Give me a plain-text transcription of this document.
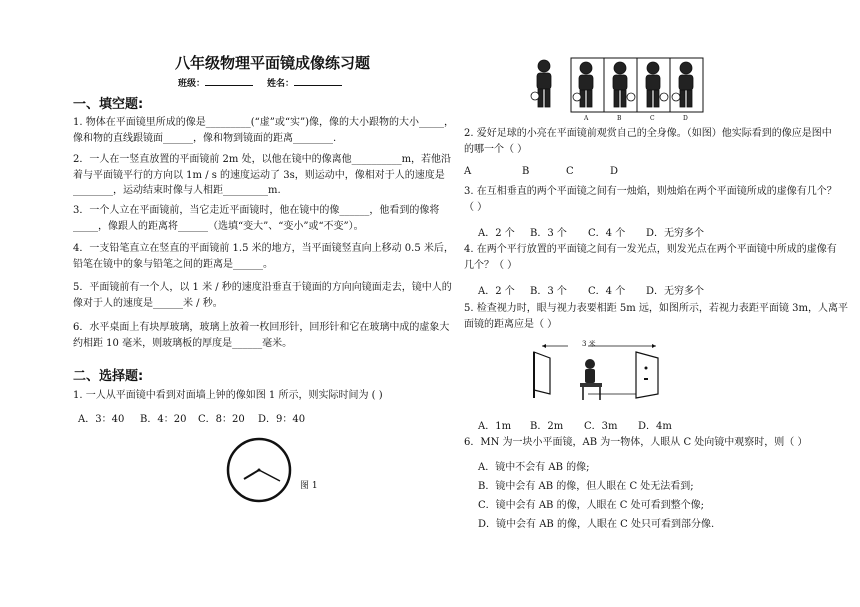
八年级物理平面镜成像练习题
班级：	姓名：
一、填空题:
1. 物体在平面镜里所成的像是_________(“虚”或“实”)像，像的大小跟物的大小_____，
像和物的直线跟镜面______，像和物到镜面的距离________.
2．一人在一竖直放置的平面镜前 2m 处，以他在镜中的像离他__________m，若他沿
着与平面镜平行的方向以 1m / s 的速度运动了 3s，则运动中，像相对于人的速度是
________，运动结束时像与人相距_________m.
3．一个人立在平面镜前，当它走近平面镜时，他在镜中的像______，他看到的像将
_____，像跟人的距离将______（选填“变大”、“变小”或“不变”）。
4．一支铅笔直立在竖直的平面镜前 1.5 米的地方，当平面镜竖直向上移动 0.5 米后，
铅笔在镜中的象与铅笔之间的距离是______。
5．平面镜前有一个人，以 1 米 / 秒的速度沿垂直于镜面的方向向镜面走去，镜中人的
像对于人的速度是______米 / 秒。
6．水平桌面上有块厚玻璃，玻璃上放着一枚回形针，回形针和它在玻璃中成的虚象大
约相距 10 毫米，则玻璃板的厚度是______毫米。
二、选择题:
1. 一人从平面镜中看到对面墙上钟的像如图 1 所示，则实际时间为 ( )
A．3：40 B．4：20 C．8：20 D．9：40
图 1
A	B	C	D
2. 爱好足球的小亮在平面镜前观赏自己的全身像。（如图）他实际看到的像应是图中
的哪一个（ ）
A	B	C	D
3. 在互相垂直的两个平面镜之间有一烛焰，则烛焰在两个平面镜所成的虚像有几个？
（ ）
A．2 个 B．3 个 C．4 个 D．无穷多个
4. 在两个平行放置的平面镜之间有一发光点，则发光点在两个平面镜中所成的虚像有
几个？（ ）
A．2 个 B．3 个 C．4 个 D．无穷多个
5. 检查视力时，眼与视力表要相距 5m 远，如图所示，若视力表距平面镜 3m，人离平
面镜的距离应是（ ）
3 米
A．1m B．2m C．3m D．4m
6．MN 为一块小平面镜，AB 为一物体，人眼从 C 处向镜中观察时，则（ ）
A．镜中不会有 AB 的像;
B．镜中会有 AB 的像，但人眼在 C 处无法看到;
C．镜中会有 AB 的像，人眼在 C 处可看到整个像;
D．镜中会有 AB 的像，人眼在 C 处只可看到部分像.
